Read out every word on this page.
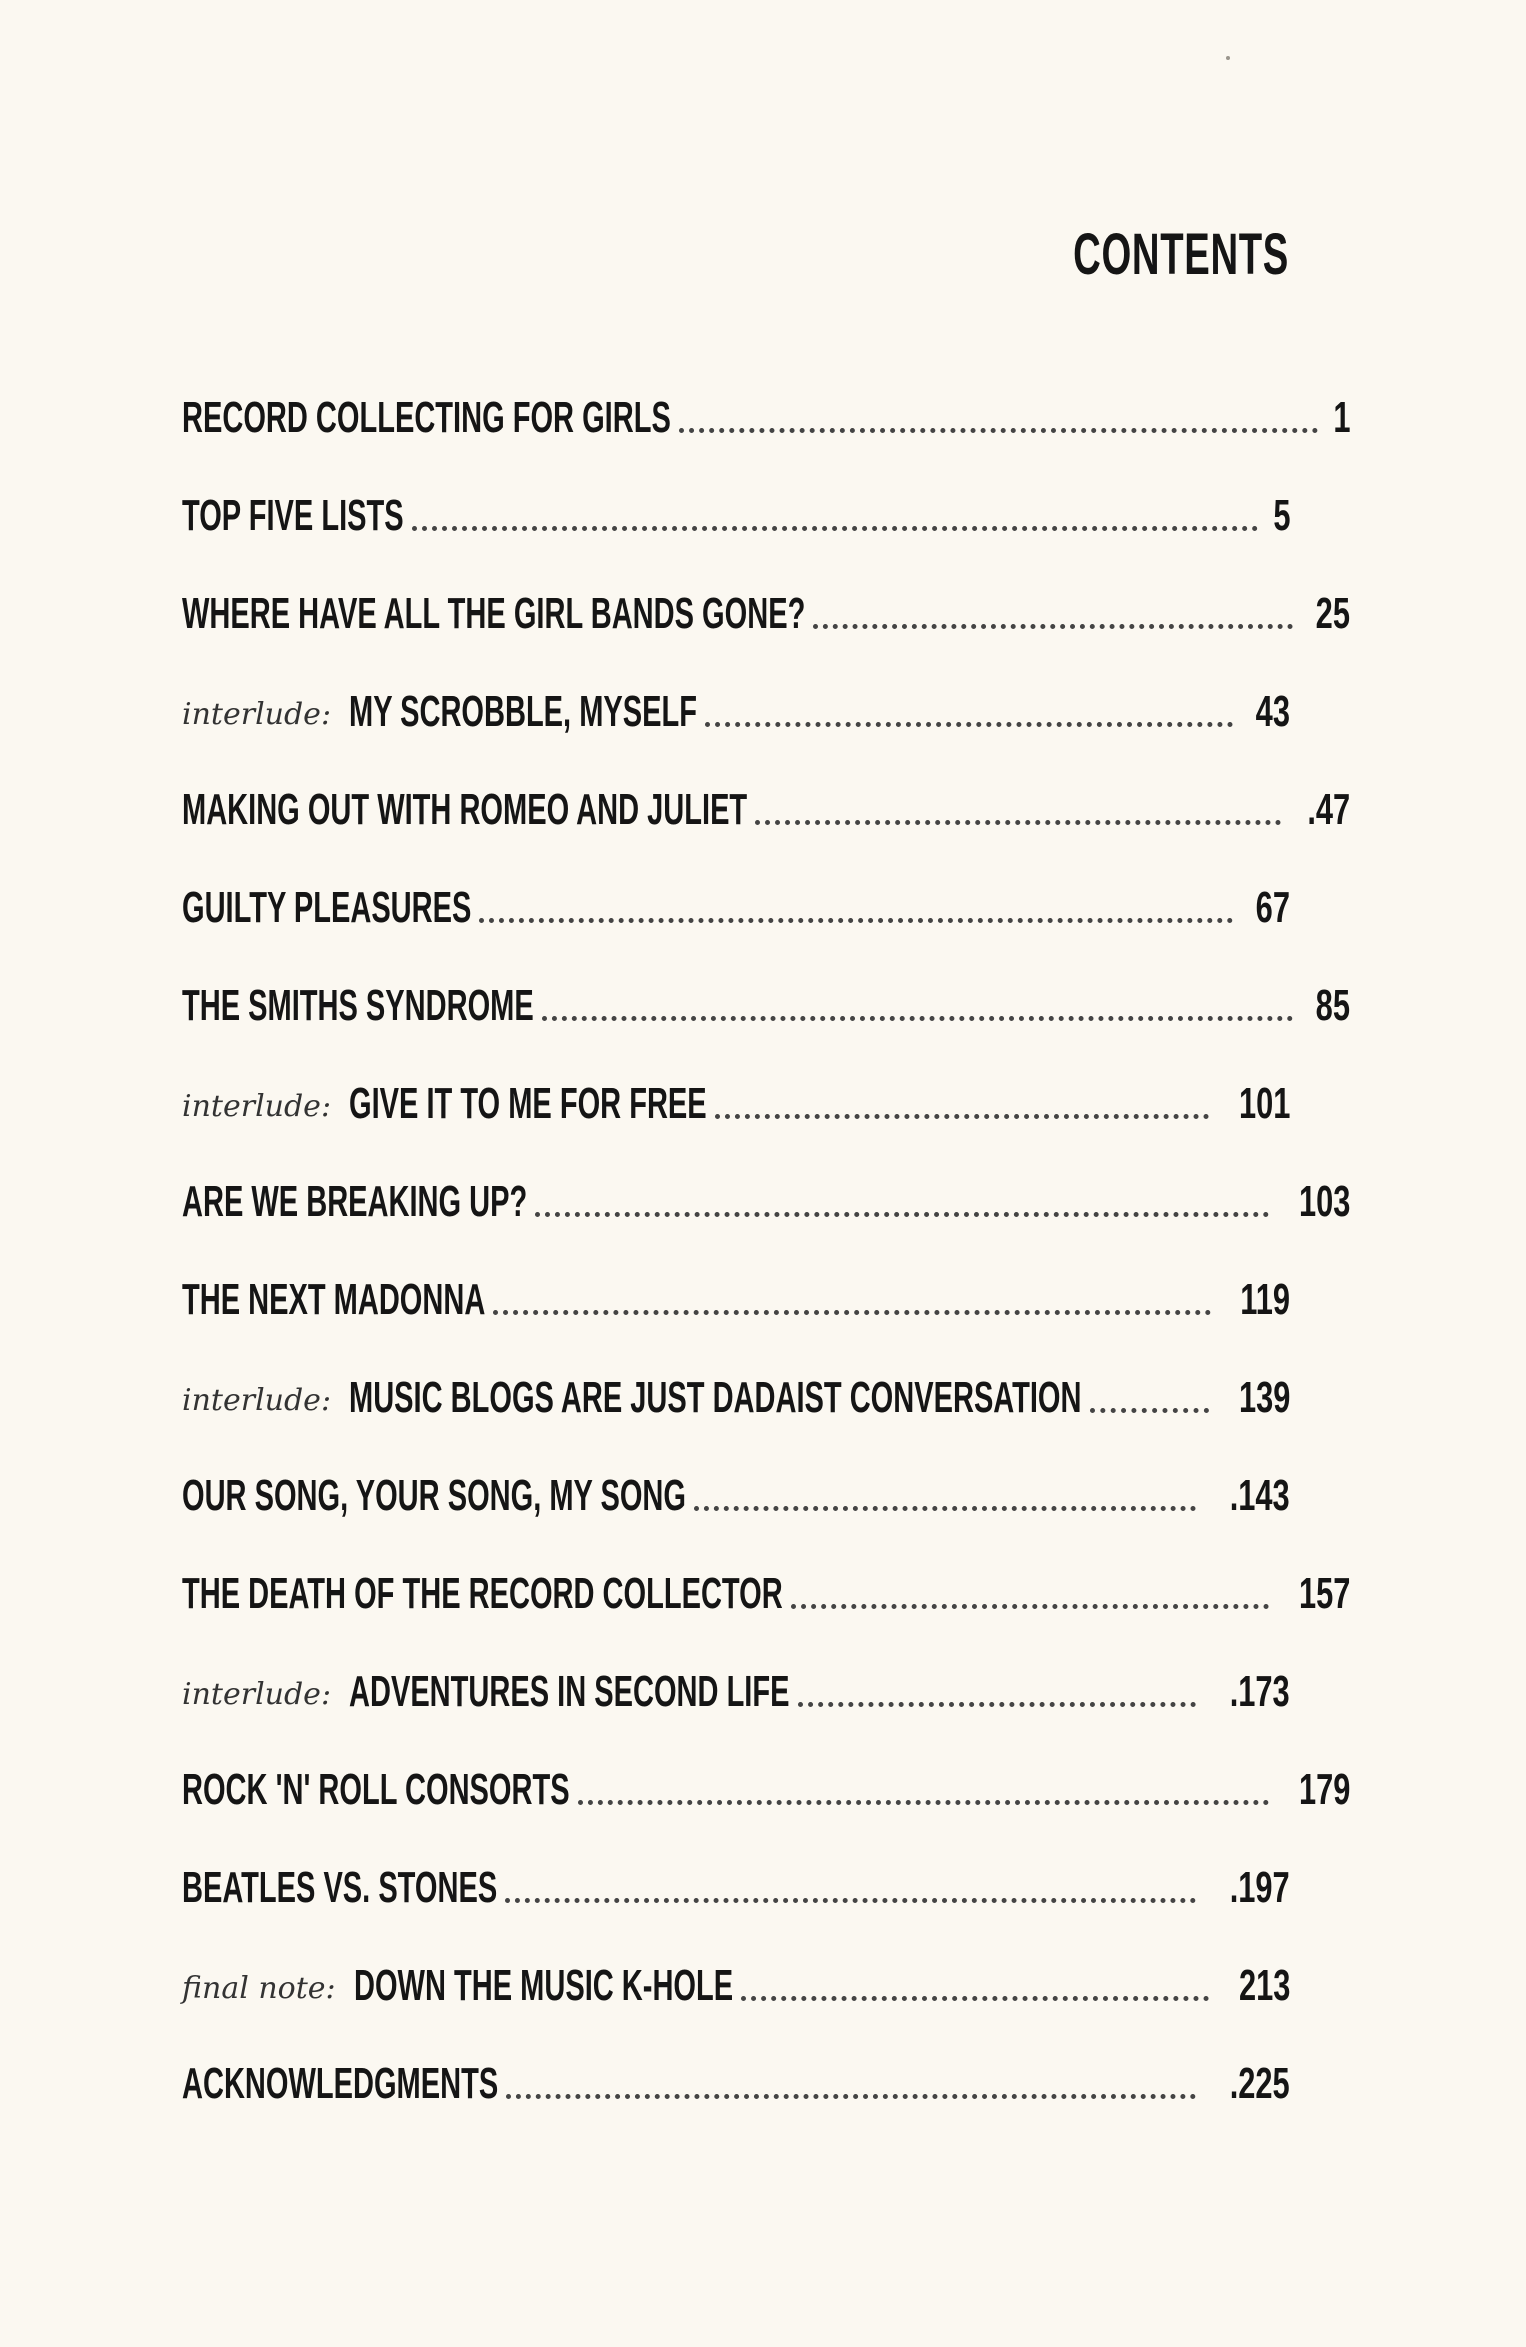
CONTENTS
RECORD COLLECTING FOR GIRLS	1
TOP FIVE LISTS	5
WHERE HAVE ALL THE GIRL BANDS GONE?	25
interlude: MY SCROBBLE, MYSELF	43
MAKING OUT WITH ROMEO AND JULIET	.47
GUILTY PLEASURES	67
THE SMITHS SYNDROME	85
interlude: GIVE IT TO ME FOR FREE	101
ARE WE BREAKING UP?	103
THE NEXT MADONNA	119
interlude: MUSIC BLOGS ARE JUST DADAIST CONVERSATION	139
OUR SONG, YOUR SONG, MY SONG	.143
THE DEATH OF THE RECORD COLLECTOR	157
interlude: ADVENTURES IN SECOND LIFE	.173
ROCK 'N' ROLL CONSORTS	179
BEATLES VS. STONES	.197
final note: DOWN THE MUSIC K-HOLE	213
ACKNOWLEDGMENTS	.225
